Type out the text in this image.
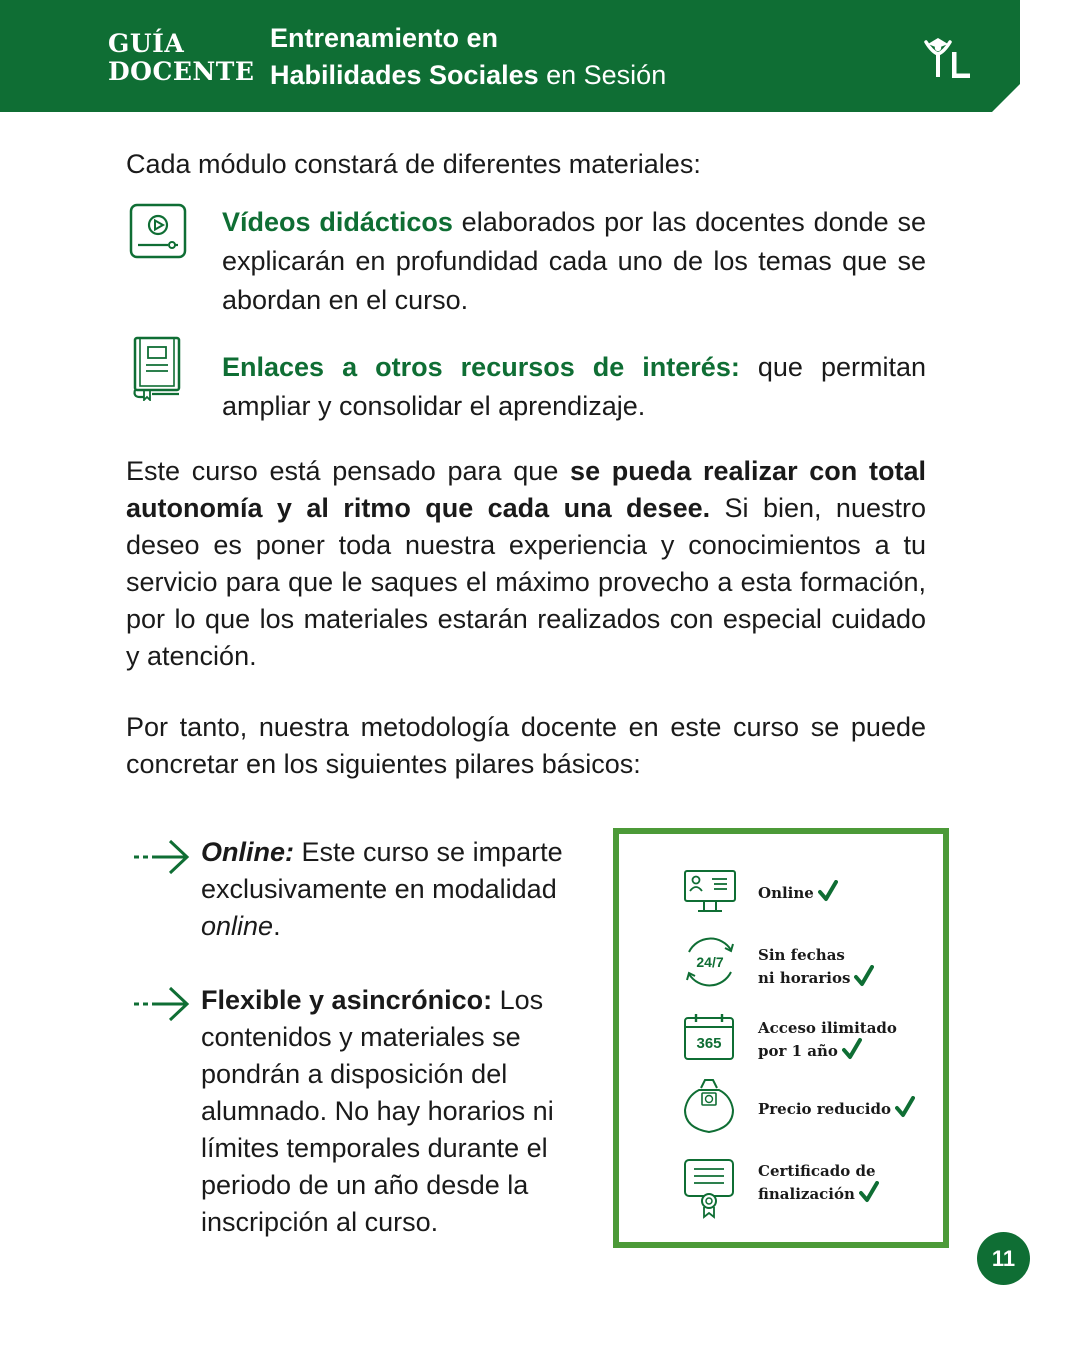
GUÍA
DOCENTE
Entrenamiento en
Habilidades Sociales en Sesión
Cada módulo constará de diferentes materiales:
Vídeos didácticos elaborados por las docentes donde se explicarán en profundidad cada uno de los temas que se abordan en el curso.
Enlaces a otros recursos de interés: que permitan ampliar y consolidar el aprendizaje.
Este curso está pensado para que se pueda realizar con total autonomía y al ritmo que cada una desee. Si bien, nuestro deseo es poner toda nuestra experiencia y conocimientos a tu servicio para que le saques el máximo provecho a esta formación, por lo que los materiales estarán realizados con especial cuidado y atención.
Por tanto, nuestra metodología docente en este curso se puede concretar en los siguientes pilares básicos:
Online: Este curso se imparte exclusivamente en modalidad online.
Flexible y asincrónico: Los contenidos y materiales se pondrán a disposición del alumnado. No hay horarios ni límites temporales durante el periodo de un año desde la inscripción al curso.
Online
24/7 Sin fechas
ni horarios
365
Acceso ilimitado
por 1 año
Precio reducido
Certificado de
finalización
11
